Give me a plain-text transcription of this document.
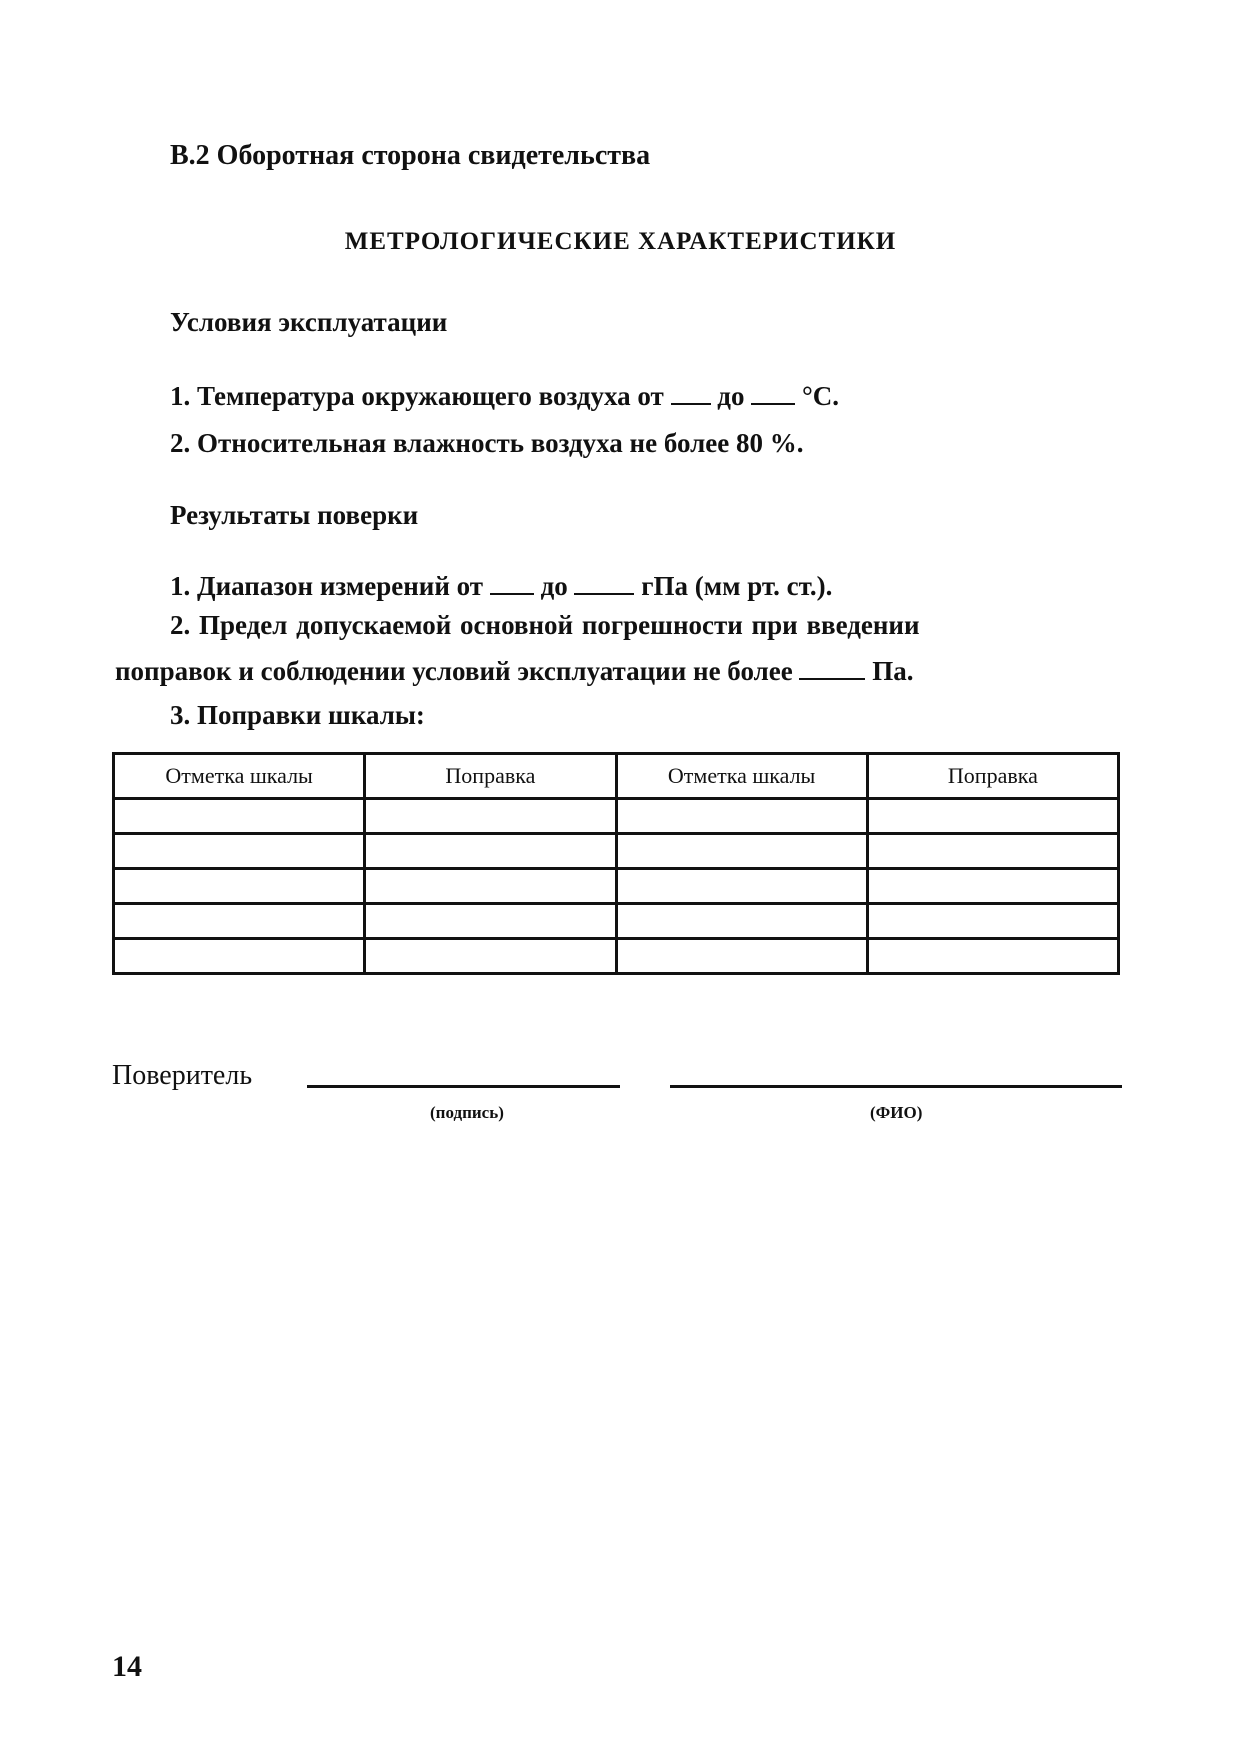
В.2 Оборотная сторона свидетельства
МЕТРОЛОГИЧЕСКИЕ ХАРАКТЕРИСТИКИ
Условия эксплуатации
1. Температура окружающего воздуха от до °С.
2. Относительная влажность воздуха не более 80 %.
Результаты поверки
1. Диапазон измерений от до	гПа (мм рт. ст.).
2. Предел допускаемой основной погрешности при введении
поправок и соблюдении условий эксплуатации не более	Па.
3. Поправки шкалы:
Отметка шкалы	Поправка	Отметка шкалы	Поправка

Поверитель
(подпись)	(ФИО)
14
